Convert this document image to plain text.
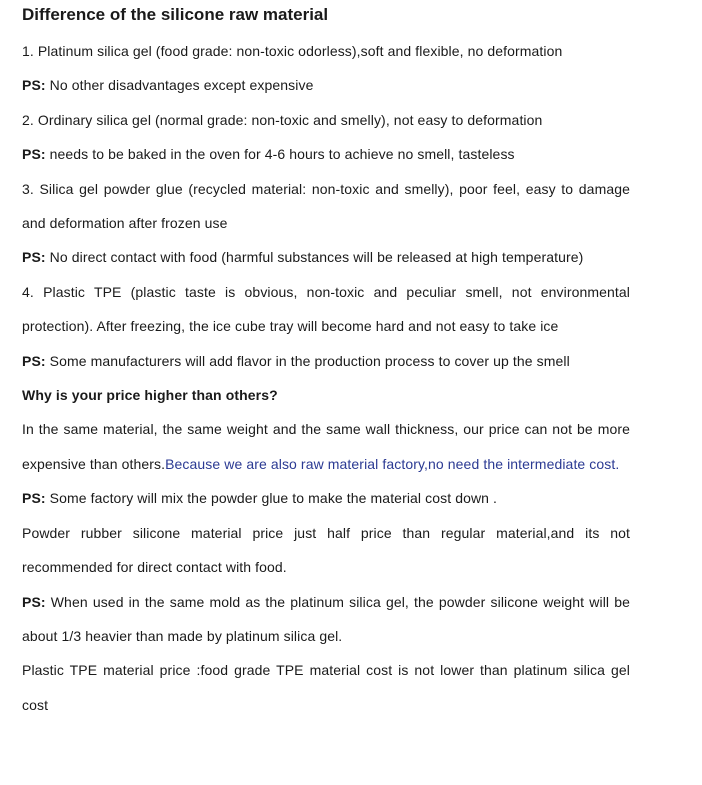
Difference of the silicone raw material

1. Platinum silica gel (food grade: non-toxic odorless),soft and flexible, no deformation

PS: No other disadvantages except expensive

2. Ordinary silica gel (normal grade: non-toxic and smelly), not easy to deformation

PS: needs to be baked in the oven for 4-6 hours to achieve no smell, tasteless

3. Silica gel powder glue (recycled material: non-toxic and smelly), poor feel, easy to damage and deformation after frozen use

PS: No direct contact with food (harmful substances will be released at high temperature)

4. Plastic TPE (plastic taste is obvious, non-toxic and peculiar smell, not environmental protection). After freezing, the ice cube tray will become hard and not easy to take ice

PS: Some manufacturers will add flavor in the production process to cover up the smell

Why is your price higher than others?

In the same material, the same weight and the same wall thickness, our price can not be more expensive than others.Because we are also raw material factory,no need the intermediate cost.

PS: Some factory will mix the powder glue to make the material cost down .

Powder rubber silicone material price just half price than regular material,and its not recommended for direct contact with food.

PS: When used in the same mold as the platinum silica gel, the powder silicone weight will be about 1/3 heavier than made by platinum silica gel.

Plastic TPE material price :food grade TPE material cost is not lower than platinum silica gel cost
